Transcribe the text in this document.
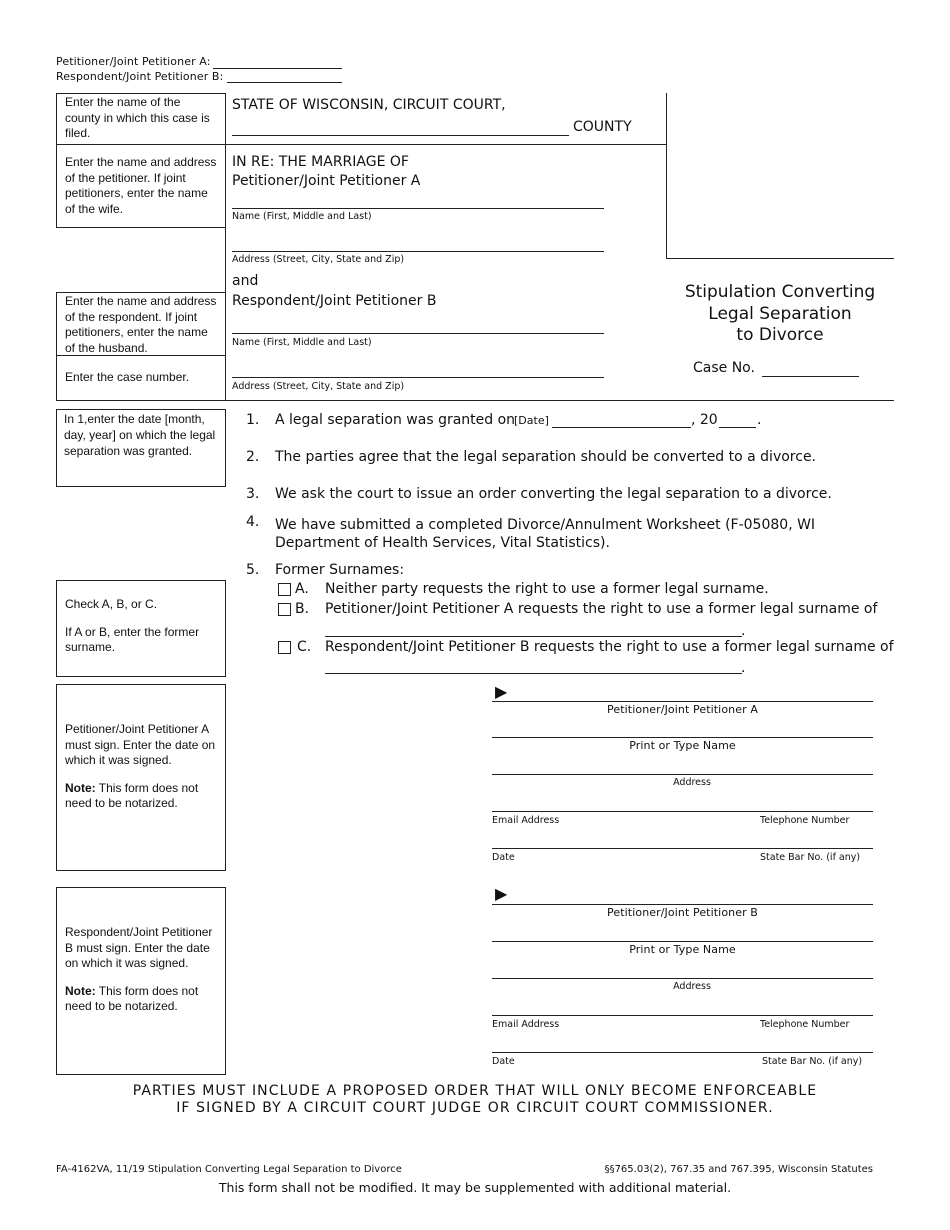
Petitioner/Joint Petitioner A:
Respondent/Joint Petitioner B:
Enter the name of the county in which this case is filed.
Enter the name and address of the petitioner. If joint petitioners, enter the name of the wife.
Enter the name and address of the respondent. If joint petitioners, enter the name of the husband.
Enter the case number.
STATE OF WISCONSIN, CIRCUIT COURT,
COUNTY
IN RE: THE MARRIAGE OF
Petitioner/Joint Petitioner A
Name (First, Middle and Last)
Address (Street, City, State and Zip)
and
Respondent/Joint Petitioner B
Name (First, Middle and Last)
Address (Street, City, State and Zip)
Stipulation Converting
Legal Separation
to Divorce
Case No.
In 1,enter the date [month, day, year] on which the legal separation was granted.
1. A legal separation was granted on
[Date]	, 20	.
2. The parties agree that the legal separation should be converted to a divorce.
3. We ask the court to issue an order converting the legal separation to a divorce.
4. We have submitted a completed Divorce/Annulment Worksheet (F-05080, WI Department of Health Services, Vital Statistics).
5. Former Surnames:
A. Neither party requests the right to use a former legal surname.
B. Petitioner/Joint Petitioner A requests the right to use a former legal surname of
.
C. Respondent/Joint Petitioner B requests the right to use a former legal surname of
.

Check A, B, or C.

If A or B, enter the former surname.

Petitioner/Joint Petitioner A must sign. Enter the date on which it was signed.

Note: This form does not need to be notarized.

Respondent/Joint Petitioner B must sign. Enter the date on which it was signed.

Note: This form does not need to be notarized.

▶
Petitioner/Joint Petitioner A
Print or Type Name
Address
Email Address	Telephone Number
Date	State Bar No. (if any)
▶
Petitioner/Joint Petitioner B
Print or Type Name
Address
Email Address	Telephone Number
Date	State Bar No. (if any)
PARTIES MUST INCLUDE A PROPOSED ORDER THAT WILL ONLY BECOME ENFORCEABLE
IF SIGNED BY A CIRCUIT COURT JUDGE OR CIRCUIT COURT COMMISSIONER.
FA-4162VA, 11/19 Stipulation Converting Legal Separation to Divorce	§§765.03(2), 767.35 and 767.395, Wisconsin Statutes
This form shall not be modified. It may be supplemented with additional material.
